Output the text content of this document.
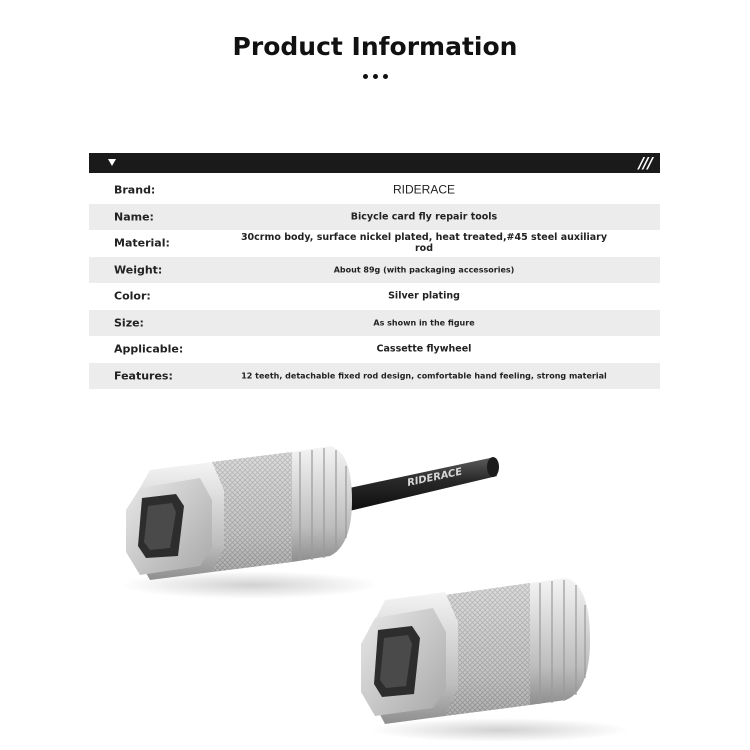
Product Information
///
Brand:	RIDERACE
Name:	Bicycle card fly repair tools
Material:	30crmo body, surface nickel plated, heat treated,#45 steel auxiliary rod
Weight:	About 89g (with packaging accessories)
Color:	Silver plating
Size:	As shown in the figure
Applicable:	Cassette flywheel
Features:	12 teeth, detachable fixed rod design, comfortable hand feeling, strong material
RIDERACE
